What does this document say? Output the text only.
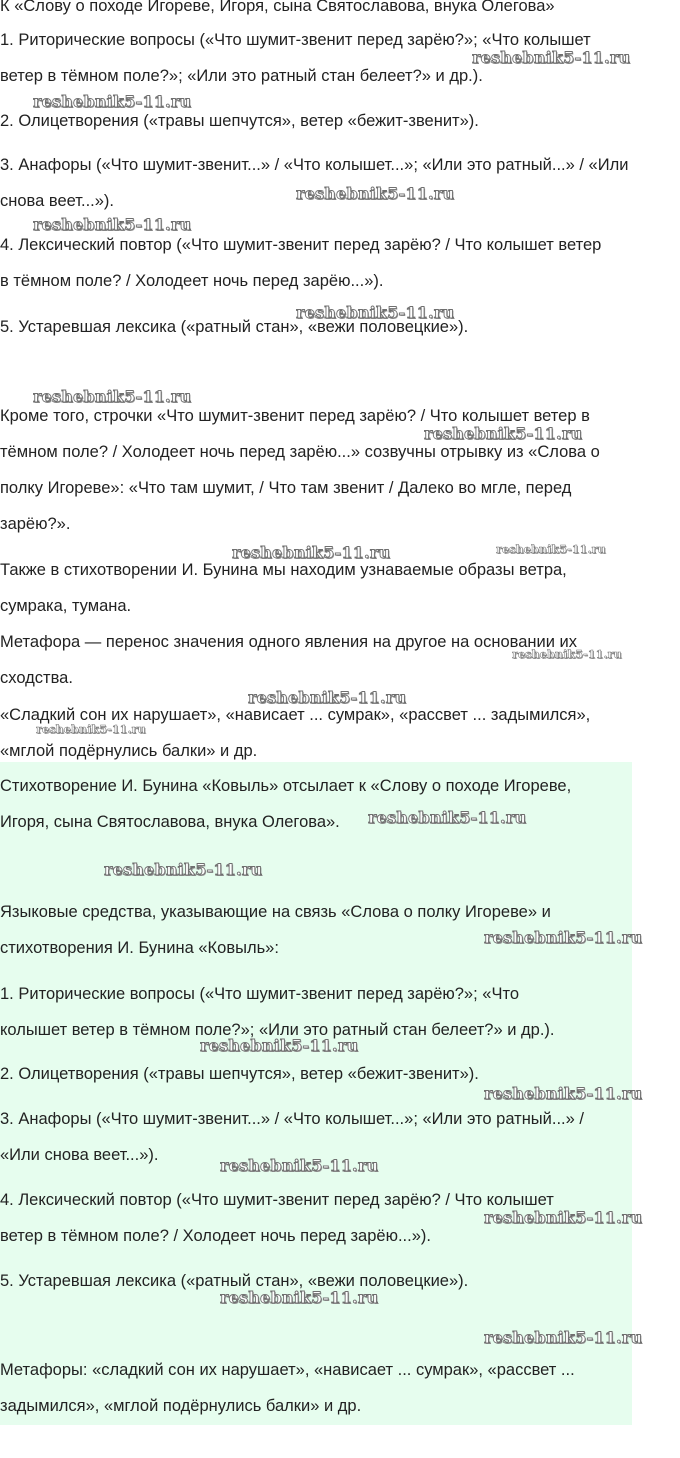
К «Слову о походе Игореве, Игоря, сына Святославова, внука Олегова»

1. Риторические вопросы («Что шумит-звенит перед зарёю?»; «Что колышет

ветер в тёмном поле?»; «Или это ратный стан белеет?» и др.).

2. Олицетворения («травы шепчутся», ветер «бежит-звенит»).

3. Анафоры («Что шумит-звенит...» / «Что колышет...»; «Или это ратный...» / «Или

снова веет...»).

4. Лексический повтор («Что шумит-звенит перед зарёю? / Что колышет ветер

в тёмном поле? / Холодеет ночь перед зарёю...»).

5. Устаревшая лексика («ратный стан», «вежи половецкие»).

Кроме того, строчки «Что шумит-звенит перед зарёю? / Что колышет ветер в

тёмном поле? / Холодеет ночь перед зарёю...» созвучны отрывку из «Слова о

полку Игореве»: «Что там шумит, / Что там звенит / Далеко во мгле, перед

зарёю?».

Также в стихотворении И. Бунина мы находим узнаваемые образы ветра,

сумрака, тумана.

Метафора — перенос значения одного явления на другое на основании их

сходства.

«Сладкий сон их нарушает», «нависает ... сумрак», «рассвет ... задымился»,

«мглой подёрнулись балки» и др.

Стихотворение И. Бунина «Ковыль» отсылает к «Слову о походе Игореве,

Игоря, сына Святославова, внука Олегова».

Языковые средства, указывающие на связь «Слова о полку Игореве» и

стихотворения И. Бунина «Ковыль»:

1. Риторические вопросы («Что шумит-звенит перед зарёю?»; «Что

колышет ветер в тёмном поле?»; «Или это ратный стан белеет?» и др.).

2. Олицетворения («травы шепчутся», ветер «бежит-звенит»).

3. Анафоры («Что шумит-звенит...» / «Что колышет...»; «Или это ратный...» /

«Или снова веет...»).

4. Лексический повтор («Что шумит-звенит перед зарёю? / Что колышет

ветер в тёмном поле? / Холодеет ночь перед зарёю...»).

5. Устаревшая лексика («ратный стан», «вежи половецкие»).

Метафоры: «сладкий сон их нарушает», «нависает ... сумрак», «рассвет ...

задымился», «мглой подёрнулись балки» и др.

reshebnik5-11.ru
reshebnik5-11.ru
reshebnik5-11.ru
reshebnik5-11.ru
reshebnik5-11.ru
reshebnik5-11.ru
reshebnik5-11.ru
reshebnik5-11.ru	reshebnik5-11.ru
reshebnik5-11.ru
reshebnik5-11.ru
reshebnik5-11.ru
reshebnik5-11.ru
reshebnik5-11.ru
reshebnik5-11.ru
reshebnik5-11.ru
reshebnik5-11.ru
reshebnik5-11.ru
reshebnik5-11.ru
reshebnik5-11.ru
reshebnik5-11.ru
